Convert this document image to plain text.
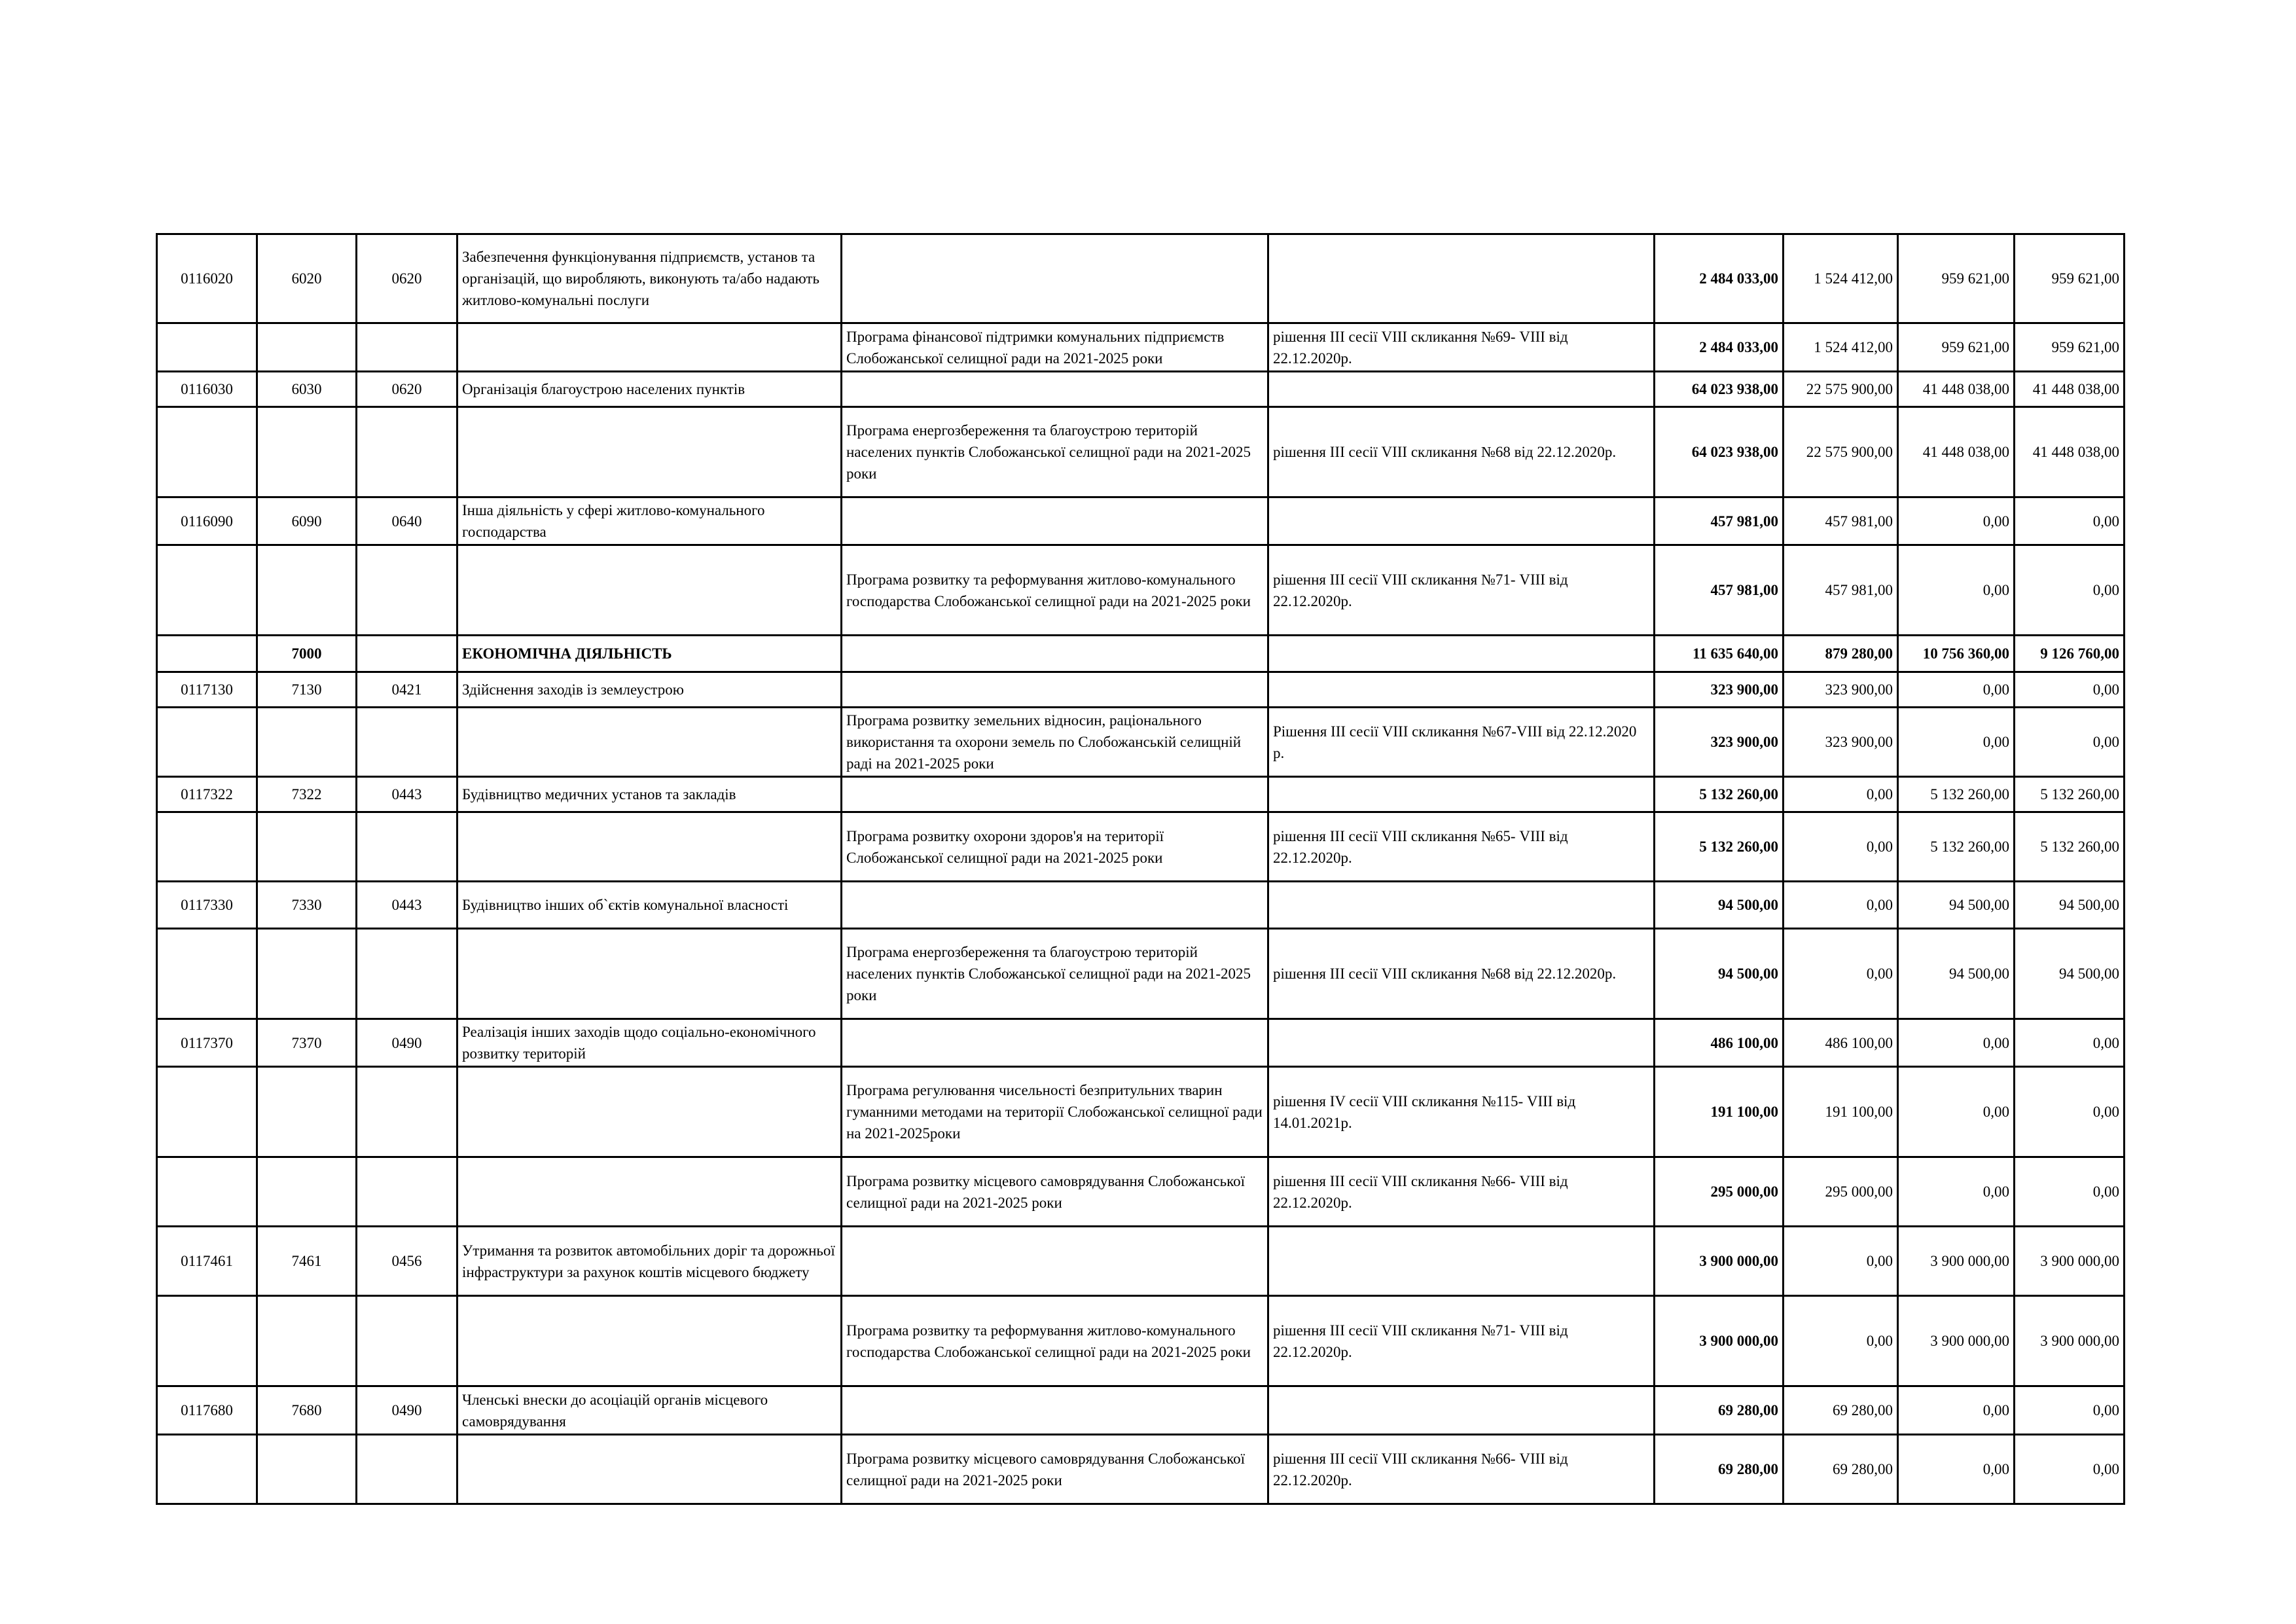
0116020	6020	0620	Забезпечення функціонування підприємств, установ та організацій, що виробляють, виконують та/або надають житлово-комунальні послуги			2 484 033,00	1 524 412,00	959 621,00	959 621,00
				Програма фінансової підтримки комунальних підприємств Слобожанської селищної ради на 2021-2025 роки	рішення ІІІ сесії VIII скликання №69- VIII від 22.12.2020р.	2 484 033,00	1 524 412,00	959 621,00	959 621,00
0116030	6030	0620	Організація благоустрою населених пунктів			64 023 938,00	22 575 900,00	41 448 038,00	41 448 038,00
				Програма енергозбереження та благоустрою територій населених пунктів Слобожанської селищної ради на 2021-2025 роки	рішення ІІІ сесії VIII скликання №68 від 22.12.2020р.	64 023 938,00	22 575 900,00	41 448 038,00	41 448 038,00
0116090	6090	0640	Інша діяльність у сфері житлово-комунального господарства			457 981,00	457 981,00	0,00	0,00
				Програма розвитку та реформування житлово-комунального господарства Слобожанської селищної ради на 2021-2025 роки	рішення ІІІ сесії VIII скликання №71- VIII від 22.12.2020р.	457 981,00	457 981,00	0,00	0,00
	7000		ЕКОНОМІЧНА ДІЯЛЬНІСТЬ			11 635 640,00	879 280,00	10 756 360,00	9 126 760,00
0117130	7130	0421	Здійснення заходів із землеустрою			323 900,00	323 900,00	0,00	0,00
				Програма розвитку земельних відносин, раціонального використання та охорони земель по Слобожанській селищній раді на 2021-2025 роки	Рішення ІІІ сесії VIII скликання №67-VIII від 22.12.2020 р.	323 900,00	323 900,00	0,00	0,00
0117322	7322	0443	Будівництво медичних установ та закладів			5 132 260,00	0,00	5 132 260,00	5 132 260,00
				Програма розвитку охорони здоров'я на території Слобожанської селищної ради на 2021-2025 роки	рішення ІІІ сесії VIII скликання №65- VIII від 22.12.2020р.	5 132 260,00	0,00	5 132 260,00	5 132 260,00
0117330	7330	0443	Будівництво інших об`єктів комунальної власності			94 500,00	0,00	94 500,00	94 500,00
				Програма енергозбереження та благоустрою територій населених пунктів Слобожанської селищної ради на 2021-2025 роки	рішення ІІІ сесії VIII скликання №68 від 22.12.2020р.	94 500,00	0,00	94 500,00	94 500,00
0117370	7370	0490	Реалізація інших заходів щодо соціально-економічного розвитку територій			486 100,00	486 100,00	0,00	0,00
				Програма регулювання чисельності безпритульних тварин гуманними методами на території Слобожанської селищної ради на 2021-2025роки	рішення IV сесії VIII скликання №115- VIII від 14.01.2021р.	191 100,00	191 100,00	0,00	0,00
				Програма розвитку місцевого самоврядування Слобожанської селищної ради на 2021-2025 роки	рішення ІІІ сесії VIII скликання №66- VIII від 22.12.2020р.	295 000,00	295 000,00	0,00	0,00
0117461	7461	0456	Утримання та розвиток автомобільних доріг та дорожньої інфраструктури за рахунок коштів місцевого бюджету			3 900 000,00	0,00	3 900 000,00	3 900 000,00
				Програма розвитку та реформування житлово-комунального господарства Слобожанської селищної ради на 2021-2025 роки	рішення ІІІ сесії VIII скликання №71- VIII від 22.12.2020р.	3 900 000,00	0,00	3 900 000,00	3 900 000,00
0117680	7680	0490	Членські внески до асоціацій органів місцевого самоврядування			69 280,00	69 280,00	0,00	0,00
				Програма розвитку місцевого самоврядування Слобожанської селищної ради на 2021-2025 роки	рішення ІІІ сесії VIII скликання №66- VIII від 22.12.2020р.	69 280,00	69 280,00	0,00	0,00
